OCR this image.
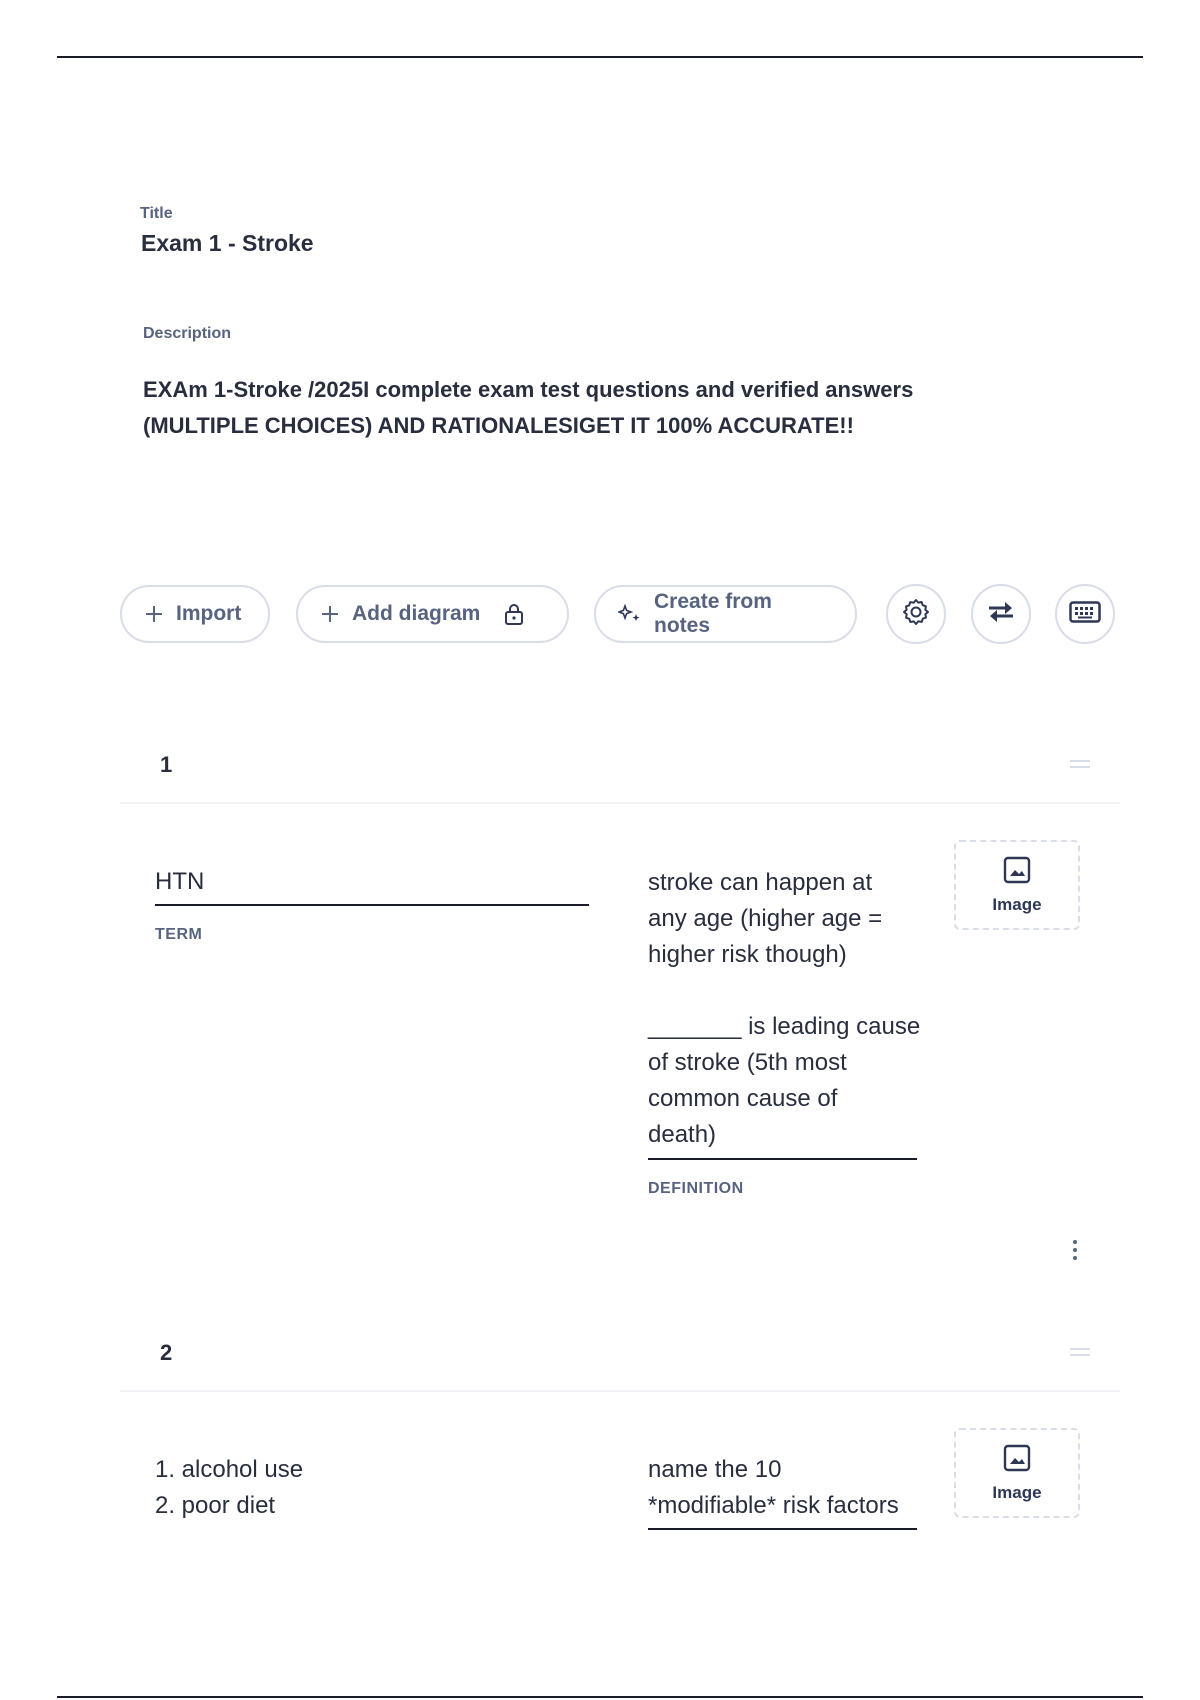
Title
Exam 1 - Stroke
Description
EXAm 1-Stroke /2025I complete exam test questions and verified answers
(MULTIPLE CHOICES) AND RATIONALESIGET IT 100% ACCURATE!!
Import	Add diagram
Create from notes
1
HTN
TERM
stroke can happen at
any age (higher age =
higher risk though)
_______ is leading cause
of stroke (5th most
common cause of
death)
DEFINITION
Image
2
1. alcohol use
2. poor diet
name the 10
*modifiable* risk factors	Image
